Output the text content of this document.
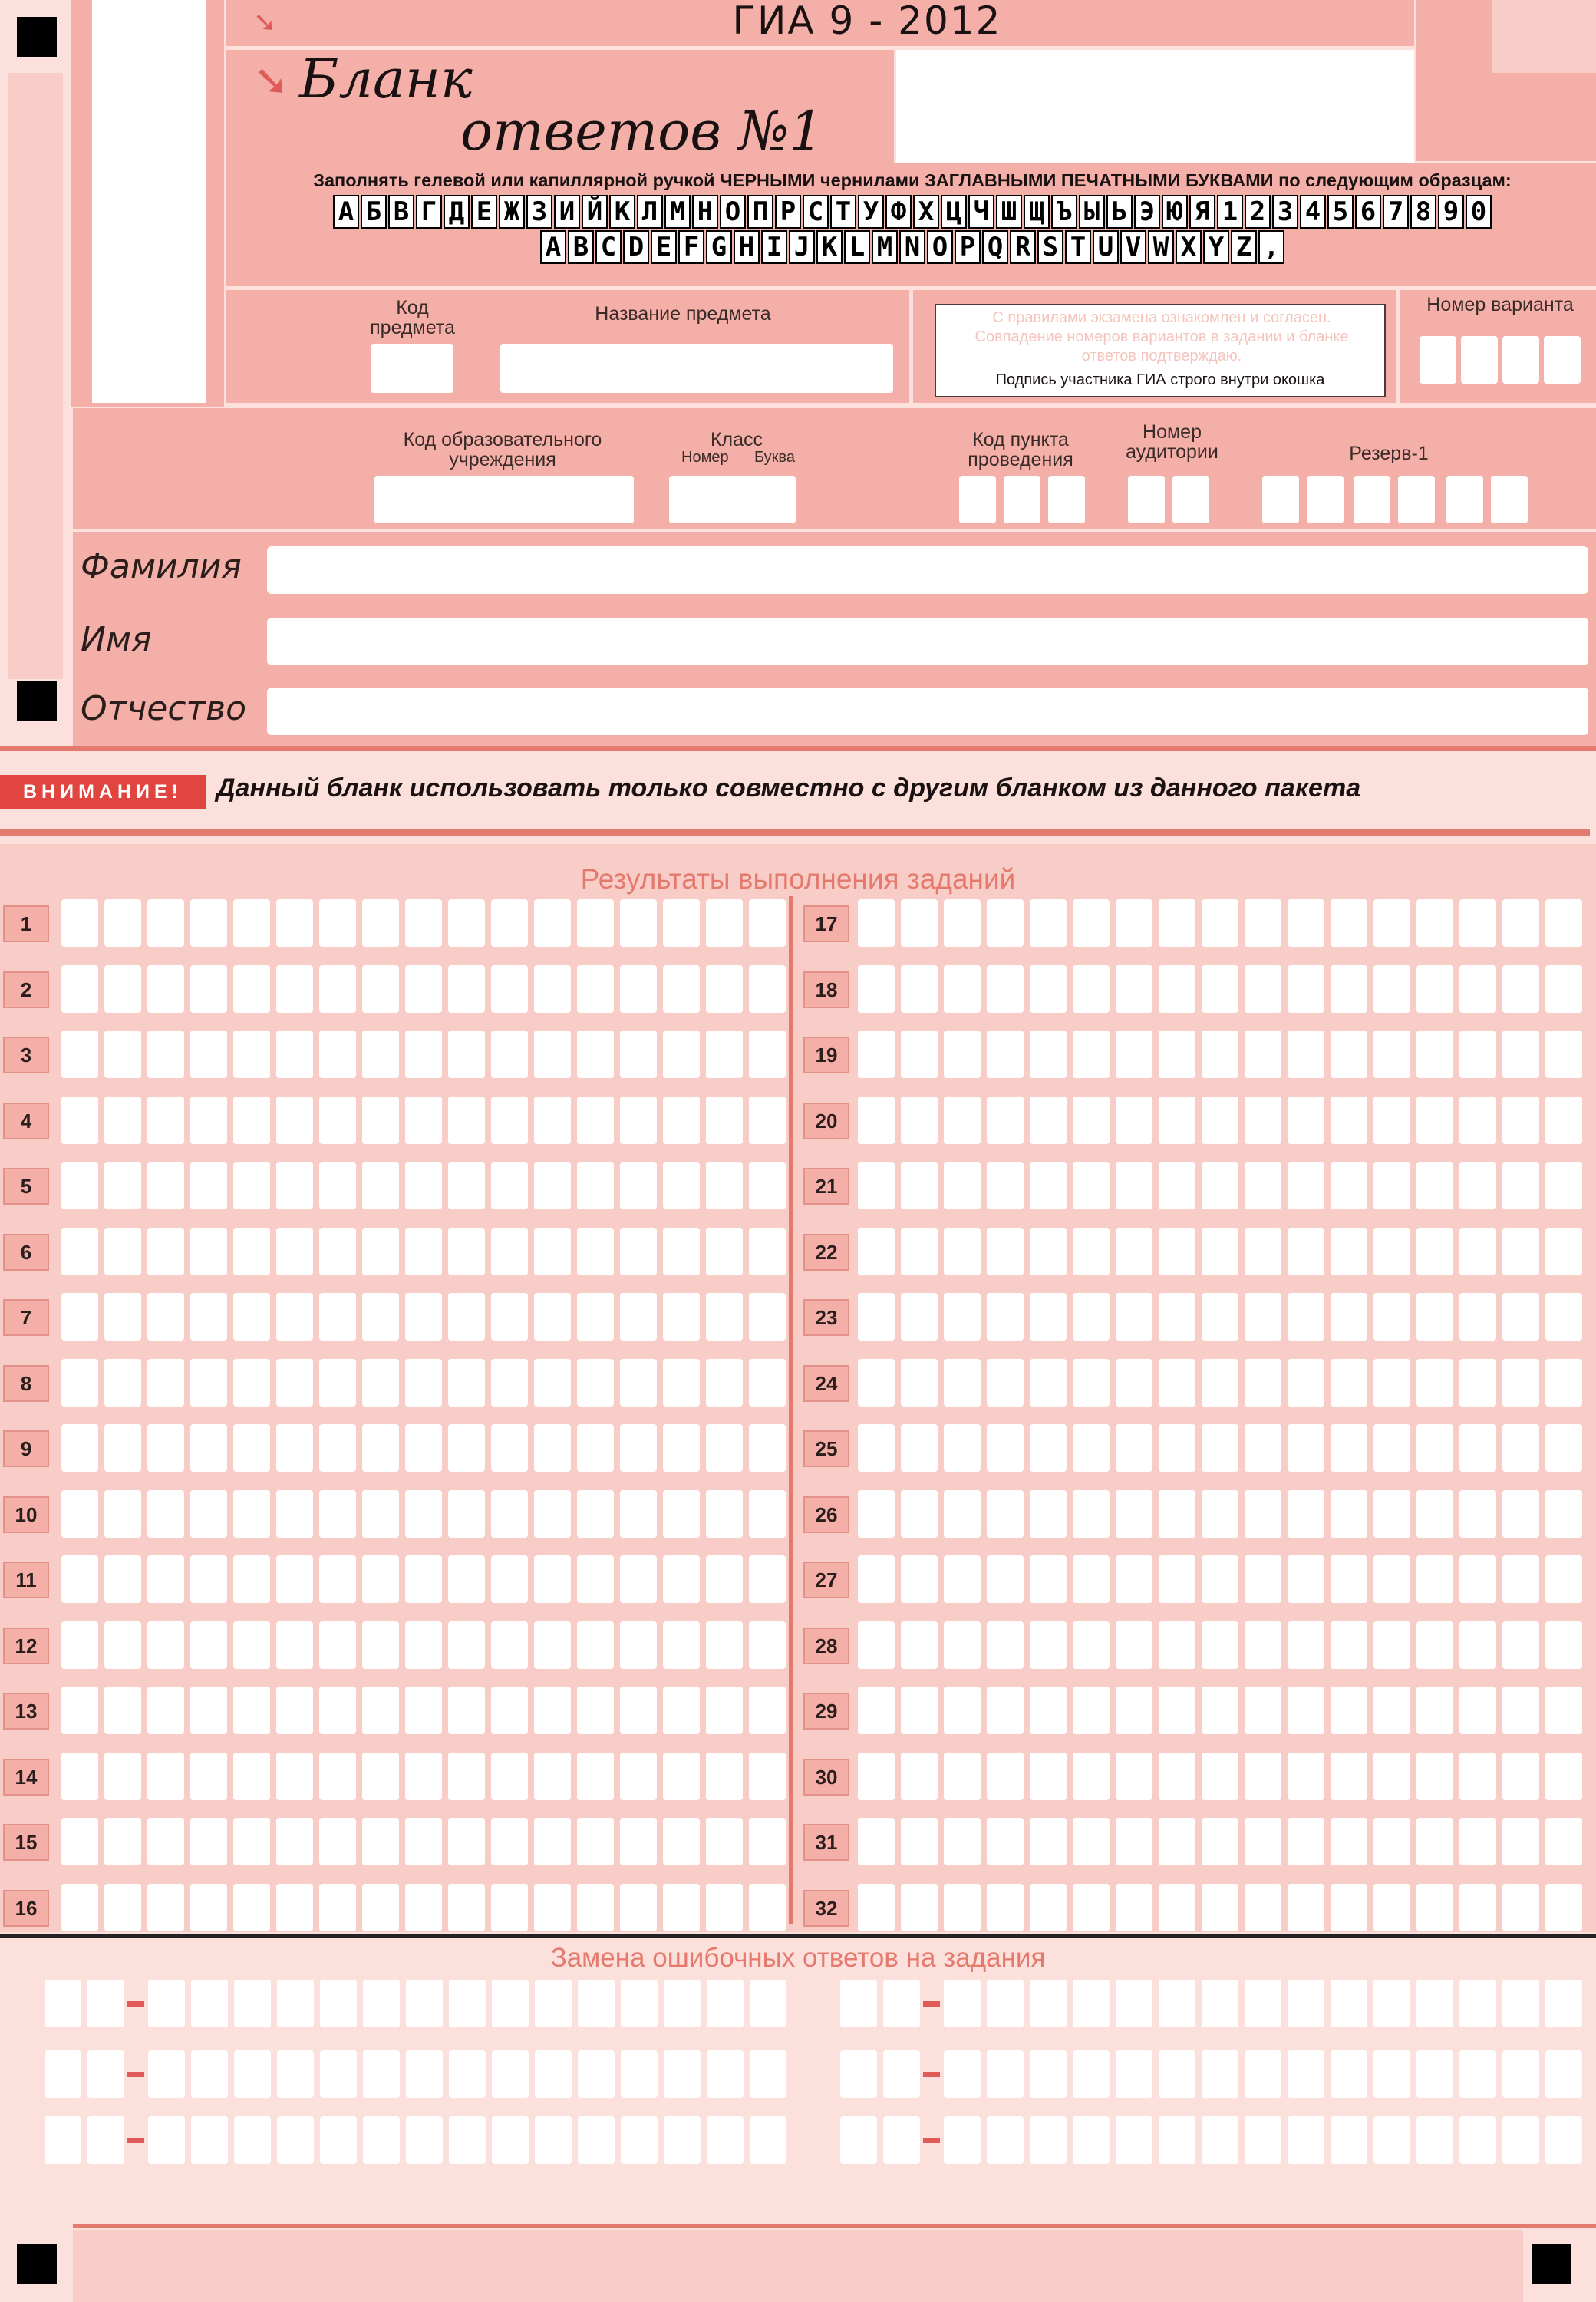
➘	ГИА 9 - 2012
➘ Бланк
ответов №1
Заполнять гелевой или капиллярной ручкой ЧЕРНЫМИ чернилами ЗАГЛАВНЫМИ ПЕЧАТНЫМИ БУКВАМИ по следующим образцам:
А Б В Г Д Е Ж З И Й К Л М Н О П Р С Т У Ф Х Ц Ч Ш Щ Ъ Ы Ь Э Ю Я 1 2 3 4 5 6 7 8 9 0
A B C D E F G H I J K L M N O P Q R S T U V W X Y Z ,
Код предмета
Название предмета	С правилами экзамена ознакомлен и согласен. Совпадение номеров вариантов в задании и бланке ответов подтверждаю.
Подпись участника ГИА строго внутри окошка
Номер варианта
Код образовательного учреждения
Класс
Номер Буква
Код пункта проведения
Номер аудитории	Резерв-1
Фамилия
Имя
Отчество
ВНИМАНИЕ!	Данный бланк использовать только совместно с другим бланком из данного пакета
Результаты выполнения заданий
1
2
3
4
5
6
7
8
9
10
11
12
13
14
15
16
17
18
19
20
21
22
23
24
25
26
27
28
29
30
31
32
Замена ошибочных ответов на задания
